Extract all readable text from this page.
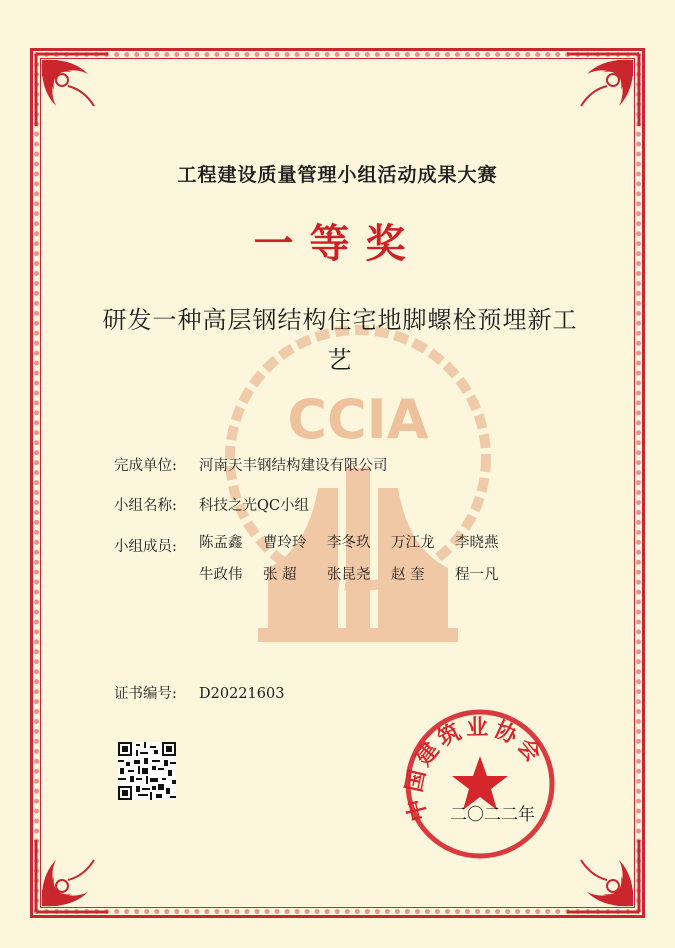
CCIA
工程建设质量管理小组活动成果大赛
一等奖
研发一种高层钢结构住宅地脚螺栓预埋新工艺
完成单位: 河南天丰钢结构建设有限公司
小组名称: 科技之光QC小组
小组成员: 陈孟鑫 曹玲玲 李冬玖 万江龙 李晓燕牛政伟 张 超 张昆尧 赵 奎 程一凡
证书编号: D20221603
中国建筑业协会
二〇二二年
